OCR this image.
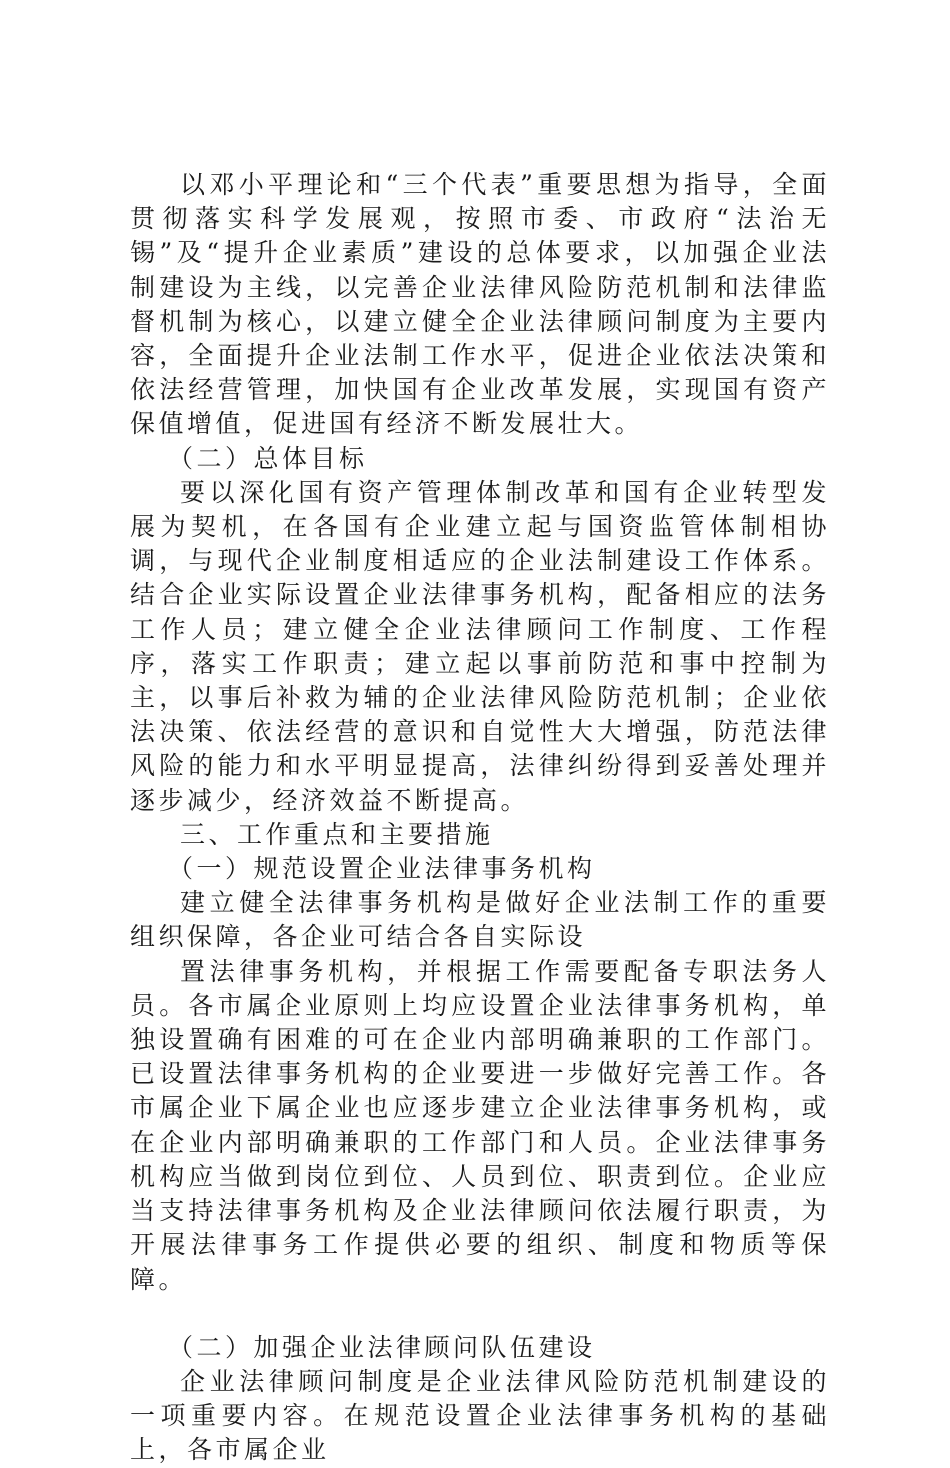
以邓小平理论和“三个代表”重要思想为指导，全面贯彻落实科学发展观，按照市委、市政府“法治无锡”及“提升企业素质”建设的总体要求，以加强企业法制建设为主线，以完善企业法律风险防范机制和法律监督机制为核心，以建立健全企业法律顾问制度为主要内容，全面提升企业法制工作水平，促进企业依法决策和依法经营管理，加快国有企业改革发展，实现国有资产保值增值，促进国有经济不断发展壮大。

（二）总体目标

要以深化国有资产管理体制改革和国有企业转型发展为契机，在各国有企业建立起与国资监管体制相协调，与现代企业制度相适应的企业法制建设工作体系。结合企业实际设置企业法律事务机构，配备相应的法务工作人员；建立健全企业法律顾问工作制度、工作程序，落实工作职责；建立起以事前防范和事中控制为主，以事后补救为辅的企业法律风险防范机制；企业依法决策、依法经营的意识和自觉性大大增强，防范法律风险的能力和水平明显提高，法律纠纷得到妥善处理并逐步减少，经济效益不断提高。

三、工作重点和主要措施

（一）规范设置企业法律事务机构

建立健全法律事务机构是做好企业法制工作的重要组织保障，各企业可结合各自实际设

置法律事务机构，并根据工作需要配备专职法务人员。各市属企业原则上均应设置企业法律事务机构，单独设置确有困难的可在企业内部明确兼职的工作部门。已设置法律事务机构的企业要进一步做好完善工作。各市属企业下属企业也应逐步建立企业法律事务机构，或在企业内部明确兼职的工作部门和人员。企业法律事务机构应当做到岗位到位、人员到位、职责到位。企业应当支持法律事务机构及企业法律顾问依法履行职责，为开展法律事务工作提供必要的组织、制度和物质等保障。

（二）加强企业法律顾问队伍建设

企业法律顾问制度是企业法律风险防范机制建设的一项重要内容。在规范设置企业法律事务机构的基础上，各市属企业
